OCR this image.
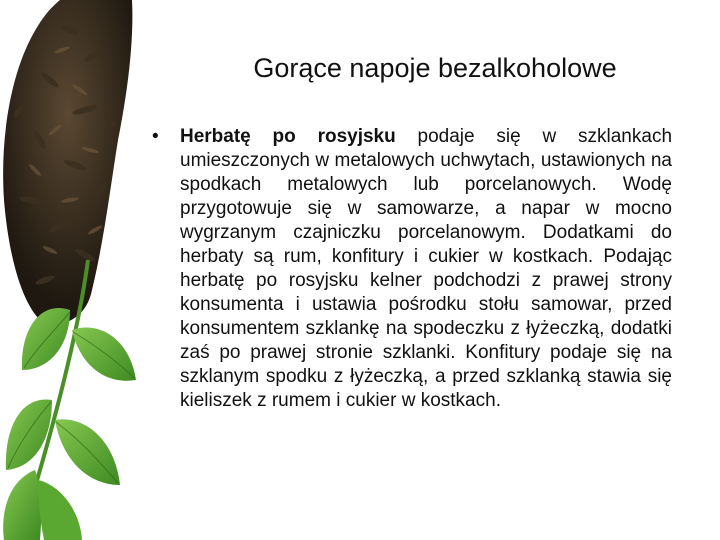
Gorące napoje bezalkoholowe
• Herbatę po rosyjsku podaje się w szklankach umieszczonych w metalowych uchwytach, ustawionych na spodkach metalowych lub porcelanowych. Wodę przygotowuje się w samowarze, a napar w mocno wygrzanym czajniczku porcelanowym. Dodatkami do herbaty są rum, konfitury i cukier w kostkach. Podając herbatę po rosyjsku kelner podchodzi z prawej strony konsumenta i ustawia pośrodku stołu samowar, przed konsumentem szklankę na spodeczku z łyżeczką, dodatki zaś po prawej stronie szklanki. Konfitury podaje się na szklanym spodku z łyżeczką, a przed szklanką stawia się kieliszek z rumem i cukier w kostkach.
